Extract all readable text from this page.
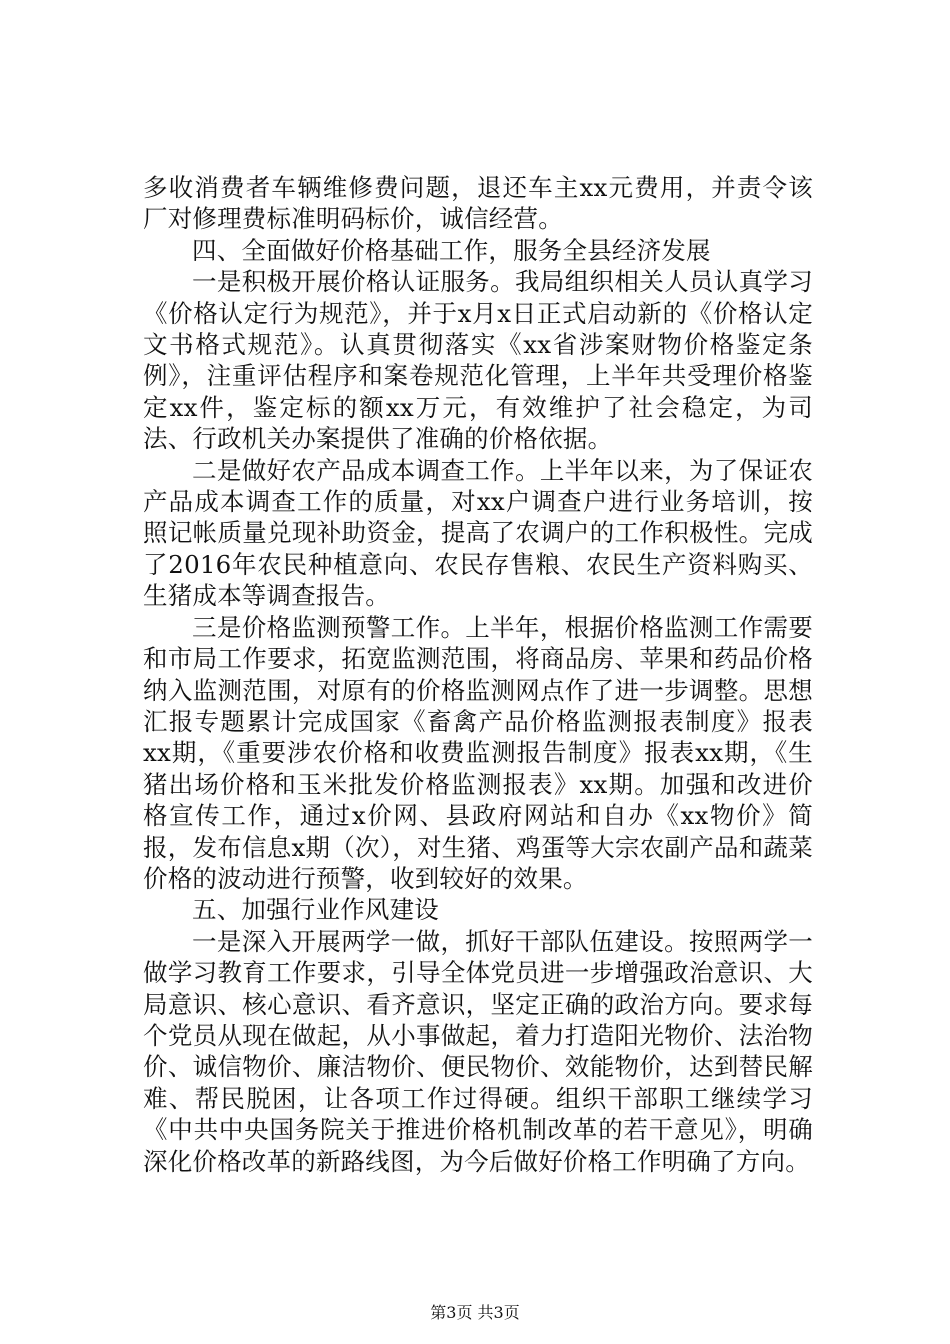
多收消费者车辆维修费问题，退还车主xx元费用，并责令该厂对修理费标准明码标价，诚信经营。

四、全面做好价格基础工作，服务全县经济发展

一是积极开展价格认证服务。我局组织相关人员认真学习《价格认定行为规范》，并于x月x日正式启动新的《价格认定文书格式规范》。认真贯彻落实《xx省涉案财物价格鉴定条例》，注重评估程序和案卷规范化管理，上半年共受理价格鉴定xx件，鉴定标的额xx万元，有效维护了社会稳定，为司法、行政机关办案提供了准确的价格依据。

二是做好农产品成本调查工作。上半年以来，为了保证农产品成本调查工作的质量，对xx户调查户进行业务培训，按照记帐质量兑现补助资金，提高了农调户的工作积极性。完成了2016年农民种植意向、农民存售粮、农民生产资料购买、生猪成本等调查报告。

三是价格监测预警工作。上半年，根据价格监测工作需要和市局工作要求，拓宽监测范围，将商品房、苹果和药品价格纳入监测范围，对原有的价格监测网点作了进一步调整。思想汇报专题累计完成国家《畜禽产品价格监测报表制度》报表xx期，《重要涉农价格和收费监测报告制度》报表xx期，《生猪出场价格和玉米批发价格监测报表》xx期。加强和改进价格宣传工作，通过x价网、县政府网站和自办《xx物价》简报，发布信息x期（次），对生猪、鸡蛋等大宗农副产品和蔬菜价格的波动进行预警，收到较好的效果。

五、加强行业作风建设

一是深入开展两学一做，抓好干部队伍建设。按照两学一做学习教育工作要求，引导全体党员进一步增强政治意识、大局意识、核心意识、看齐意识，坚定正确的政治方向。要求每个党员从现在做起，从小事做起，着力打造阳光物价、法治物价、诚信物价、廉洁物价、便民物价、效能物价，达到替民解难、帮民脱困，让各项工作过得硬。组织干部职工继续学习《中共中央国务院关于推进价格机制改革的若干意见》，明确深化价格改革的新路线图，为今后做好价格工作明确了方向。

第3页 共3页
